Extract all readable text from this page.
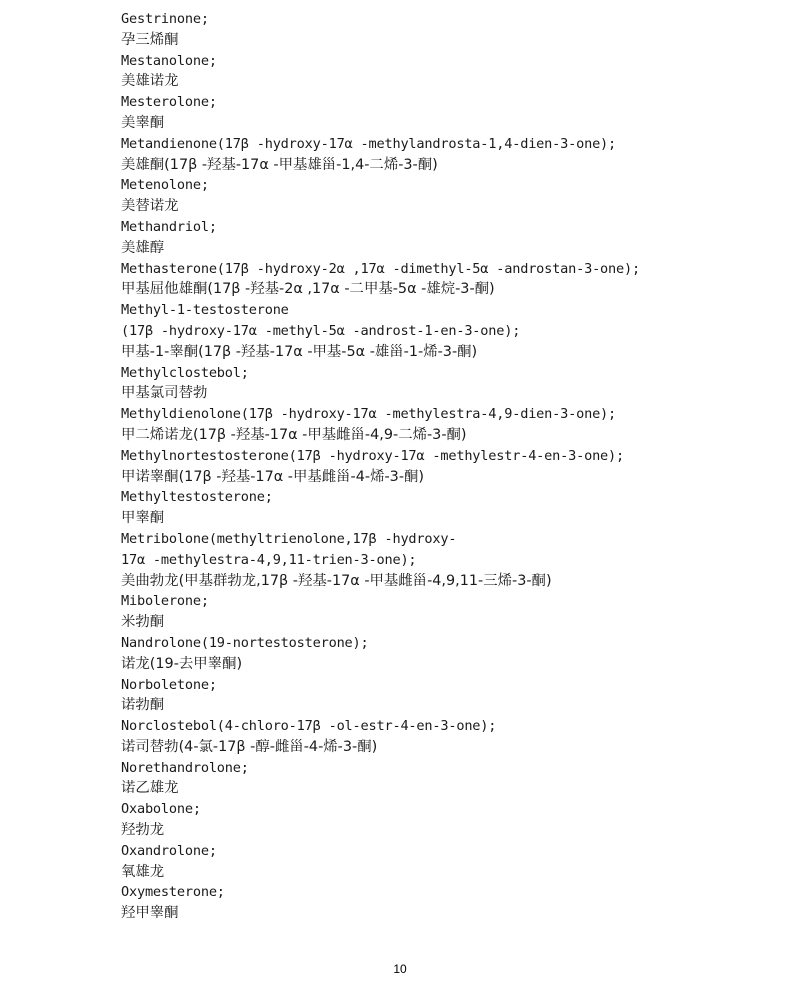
Gestrinone;
孕三烯酮
Mestanolone;
美雄诺龙
Mesterolone;
美睾酮
Metandienone(17β -hydroxy-17α -methylandrosta-1,4-dien-3-one);
美雄酮(17β -羟基-17α -甲基雄甾-1,4-二烯-3-酮)
Metenolone;
美替诺龙
Methandriol;
美雄醇
Methasterone(17β -hydroxy-2α ,17α -dimethyl-5α -androstan-3-one);
甲基屈他雄酮(17β -羟基-2α ,17α -二甲基-5α -雄烷-3-酮)
Methyl-1-testosterone
(17β -hydroxy-17α -methyl-5α -androst-1-en-3-one);
甲基-1-睾酮(17β -羟基-17α -甲基-5α -雄甾-1-烯-3-酮)
Methylclostebol;
甲基氯司替勃
Methyldienolone(17β -hydroxy-17α -methylestra-4,9-dien-3-one);
甲二烯诺龙(17β -羟基-17α -甲基雌甾-4,9-二烯-3-酮)
Methylnortestosterone(17β -hydroxy-17α -methylestr-4-en-3-one);
甲诺睾酮(17β -羟基-17α -甲基雌甾-4-烯-3-酮)
Methyltestosterone;
甲睾酮
Metribolone(methyltrienolone,17β -hydroxy-
17α -methylestra-4,9,11-trien-3-one);
美曲勃龙(甲基群勃龙,17β -羟基-17α -甲基雌甾-4,9,11-三烯-3-酮)
Mibolerone;
米勃酮
Nandrolone(19-nortestosterone);
诺龙(19-去甲睾酮)
Norboletone;
诺勃酮
Norclostebol(4-chloro-17β -ol-estr-4-en-3-one);
诺司替勃(4-氯-17β -醇-雌甾-4-烯-3-酮)
Norethandrolone;
诺乙雄龙
Oxabolone;
羟勃龙
Oxandrolone;
氧雄龙
Oxymesterone;
羟甲睾酮
10
